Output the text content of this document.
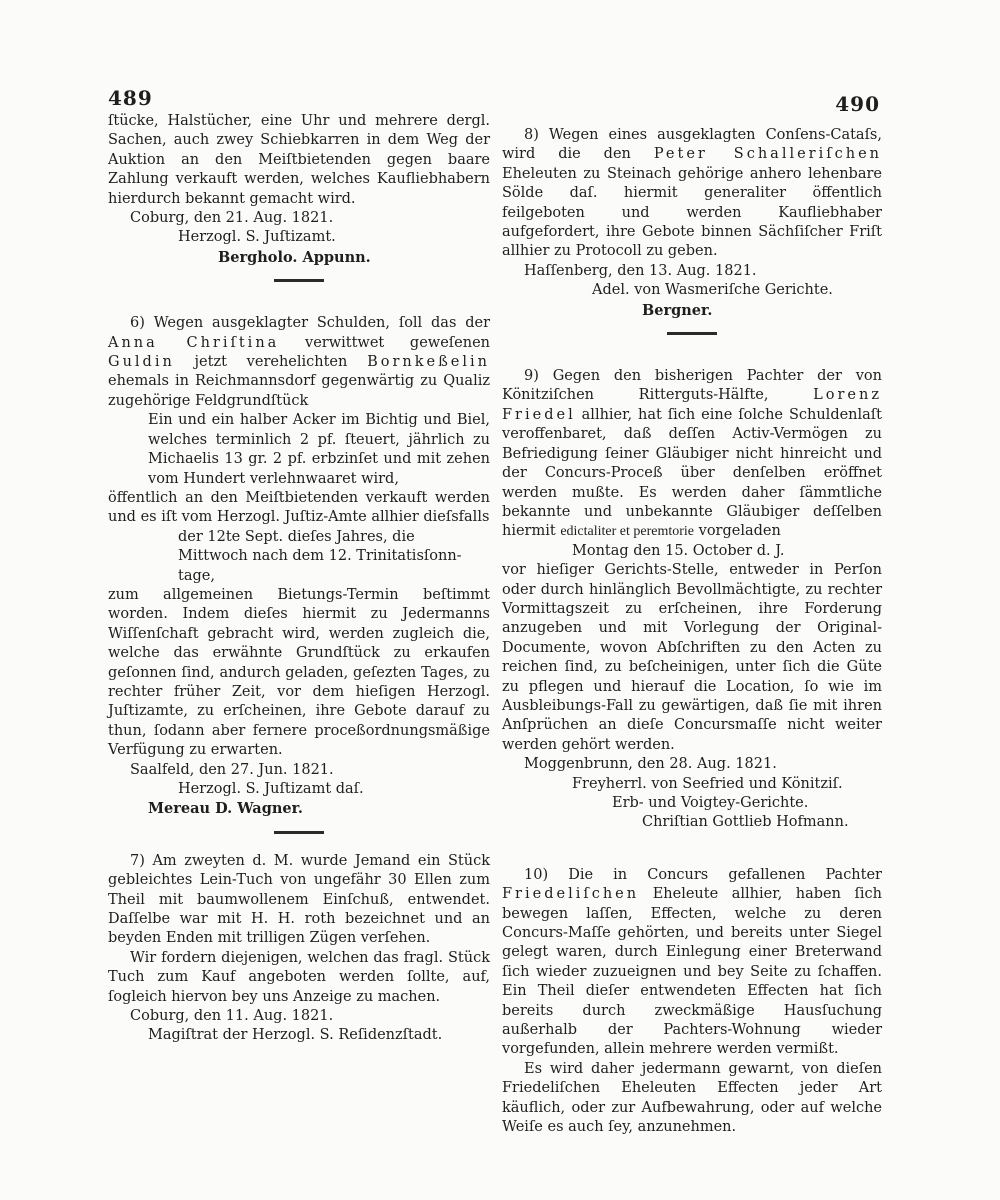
489	490

ſtücke, Halstücher, eine Uhr und mehrere dergl. Sachen, auch zwey Schiebkarren in dem Weg der Auktion an den Meiſtbietenden gegen baare Zahlung verkauft werden, welches Kaufliebhabern hierdurch bekannt gemacht wird.

Coburg, den 21. Aug. 1821.

Herzogl. S. Juſtizamt.

Bergholo. Appunn.

6) Wegen ausgeklagter Schulden, ſoll das der Anna Chriſtina verwittwet geweſenen Guldin jetzt verehelichten Bornkeßelin ehemals in Reichmannsdorf gegenwärtig zu Qualiz zugehörige Feldgrundſtück

Ein und ein halber Acker im Bichtig und Biel, welches terminlich 2 pf. ſteuert, jährlich zu Michaelis 13 gr. 2 pf. erbzinſet und mit zehen vom Hundert verlehnwaaret wird,

öffentlich an den Meiſtbietenden verkauft werden und es iſt vom Herzogl. Juſtiz-Amte allhier dieſsfalls

der 12te Sept. dieſes Jahres, die

Mittwoch nach dem 12. Trinitatisſonn-

tage,

zum allgemeinen Bietungs-Termin beſtimmt worden. Indem dieſes hiermit zu Jedermanns Wiſſenſchaft gebracht wird, werden zugleich die, welche das erwähnte Grundſtück zu erkaufen geſonnen ſind, andurch geladen, geſezten Tages, zu rechter früher Zeit, vor dem hieſigen Herzogl. Juſtizamte, zu erſcheinen, ihre Gebote darauf zu thun, ſodann aber fernere proceßordnungsmäßige Verfügung zu erwarten.

Saalfeld, den 27. Jun. 1821.

Herzogl. S. Juſtizamt daſ.

Mereau D. Wagner.

7) Am zweyten d. M. wurde Jemand ein Stück gebleichtes Lein-Tuch von ungefähr 30 Ellen zum Theil mit baumwollenem Einſchuß, entwendet. Daſſelbe war mit H. H. roth bezeichnet und an beyden Enden mit trilligen Zügen verſehen.

Wir fordern diejenigen, welchen das fragl. Stück Tuch zum Kauf angeboten werden ſollte, auf, ſogleich hiervon bey uns Anzeige zu machen.

Coburg, den 11. Aug. 1821.

Magiſtrat der Herzogl. S. Reſidenzſtadt.

8) Wegen eines ausgeklagten Conſens-Cataſs, wird die den Peter Schalleriſchen Eheleuten zu Steinach gehörige anhero lehenbare Sölde daſ. hiermit generaliter öffentlich feilgeboten und werden Kaufliebhaber aufgefordert, ihre Gebote binnen Sächſiſcher Friſt allhier zu Protocoll zu geben.

Haſſenberg, den 13. Aug. 1821.

Adel. von Wasmeriſche Gerichte.

Bergner.

9) Gegen den bisherigen Pachter der von Könitziſchen Ritterguts-Hälfte, Lorenz Friedel allhier, hat ſich eine ſolche Schuldenlaſt veroffenbaret, daß deſſen Activ-Vermögen zu Befriedigung ſeiner Gläubiger nicht hinreicht und der Concurs-Proceß über denſelben eröffnet werden mußte. Es werden daher ſämmtliche bekannte und unbekannte Gläubiger deſſelben hiermit edictaliter et peremtorie vorgeladen

Montag den 15. October d. J.

vor hieſiger Gerichts-Stelle, entweder in Perſon oder durch hinlänglich Bevollmächtigte, zu rechter Vormittagszeit zu erſcheinen, ihre Forderung anzugeben und mit Vorlegung der Original-Documente, wovon Abſchriften zu den Acten zu reichen ſind, zu beſcheinigen, unter ſich die Güte zu pflegen und hierauf die Location, ſo wie im Ausbleibungs-Fall zu gewärtigen, daß ſie mit ihren Anſprüchen an dieſe Concursmaſſe nicht weiter werden gehört werden.

Moggenbrunn, den 28. Aug. 1821.

Freyherrl. von Seefried und Könitziſ.

Erb- und Voigtey-Gerichte.

Chriſtian Gottlieb Hofmann.

10) Die in Concurs gefallenen Pachter Friedeliſchen Eheleute allhier, haben ſich bewegen laſſen, Effecten, welche zu deren Concurs-Maſſe gehörten, und bereits unter Siegel gelegt waren, durch Einlegung einer Breterwand ſich wieder zuzueignen und bey Seite zu ſchaffen. Ein Theil dieſer entwendeten Effecten hat ſich bereits durch zweckmäßige Hausſuchung außerhalb der Pachters-Wohnung wieder vorgefunden, allein mehrere werden vermißt.

Es wird daher jedermann gewarnt, von dieſen Friedeliſchen Eheleuten Effecten jeder Art käuflich, oder zur Aufbewahrung, oder auf welche Weiſe es auch ſey, anzunehmen.
